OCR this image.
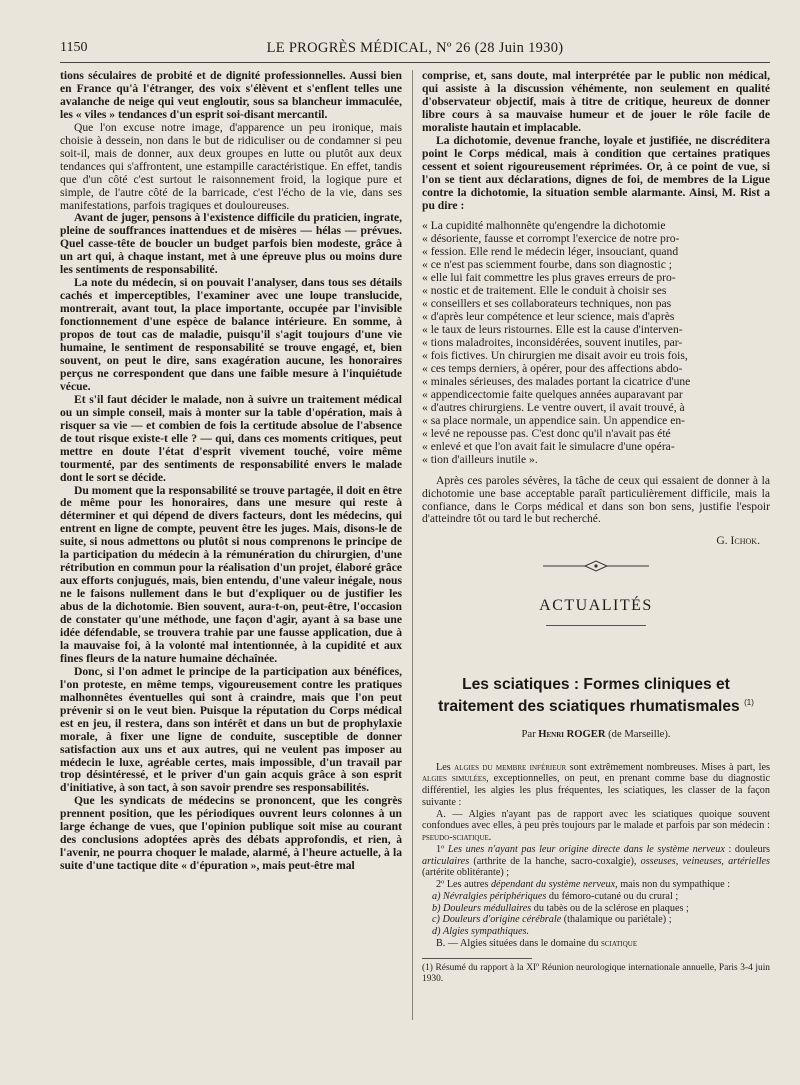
1150	LE PROGRÈS MÉDICAL, Nº 26 (28 Juin 1930)

tions séculaires de probité et de dignité professionnelles. Aussi bien en France qu'à l'étranger, des voix s'élèvent et s'enflent telles une avalanche de neige qui veut engloutir, sous sa blancheur immaculée, les « viles » tendances d'un esprit soi-disant mercantil.

Que l'on excuse notre image, d'apparence un peu ironique, mais choisie à dessein, non dans le but de ridiculiser ou de condamner si peu soit-il, mais de donner, aux deux groupes en lutte ou plutôt aux deux tendances qui s'affrontent, une estampille caractéristique. En effet, tandis que d'un côté c'est surtout le raisonnement froid, la logique pure et simple, de l'autre côté de la barricade, c'est l'écho de la vie, dans ses manifestations, parfois tragiques et douloureuses.

Avant de juger, pensons à l'existence difficile du praticien, ingrate, pleine de souffrances inattendues et de misères — hélas — prévues. Quel casse-tête de boucler un budget parfois bien modeste, grâce à un art qui, à chaque instant, met à une épreuve plus ou moins dure les sentiments de responsabilité.

La note du médecin, si on pouvait l'analyser, dans tous ses détails cachés et imperceptibles, l'examiner avec une loupe translucide, montrerait, avant tout, la place importante, occupée par l'invisible fonctionnement d'une espèce de balance intérieure. En somme, à propos de tout cas de maladie, puisqu'il s'agit toujours d'une vie humaine, le sentiment de responsabilité se trouve engagé, et, bien souvent, on peut le dire, sans exagération aucune, les honoraires perçus ne correspondent que dans une faible mesure à l'inquiétude vécue.

Et s'il faut décider le malade, non à suivre un traitement médical ou un simple conseil, mais à monter sur la table d'opération, mais à risquer sa vie — et combien de fois la certitude absolue de l'absence de tout risque existe-t elle ? — qui, dans ces moments critiques, peut mettre en doute l'état d'esprit vivement touché, voire même tourmenté, par des sentiments de responsabilité envers le malade dont le sort se décide.

Du moment que la responsabilité se trouve partagée, il doit en être de même pour les honoraires, dans une mesure qui reste à déterminer et qui dépend de divers facteurs, dont les médecins, qui entrent en ligne de compte, peuvent être les juges. Mais, disons-le de suite, si nous admettons ou plutôt si nous comprenons le principe de la participation du médecin à la rémunération du chirurgien, d'une rétribution en commun pour la réalisation d'un projet, élaboré grâce aux efforts conjugués, mais, bien entendu, d'une valeur inégale, nous ne le faisons nullement dans le but d'expliquer ou de justifier les abus de la dichotomie. Bien souvent, aura-t-on, peut-être, l'occasion de constater qu'une méthode, une façon d'agir, ayant à sa base une idée défendable, se trouvera trahie par une fausse application, due à la mauvaise foi, à la volonté mal intentionnée, à la cupidité et aux fines fleurs de la nature humaine déchaînée.

Donc, si l'on admet le principe de la participation aux bénéfices, l'on proteste, en même temps, vigoureusement contre les pratiques malhonnêtes éventuelles qui sont à craindre, mais que l'on peut prévenir si on le veut bien. Puisque la réputation du Corps médical est en jeu, il restera, dans son intérêt et dans un but de prophylaxie morale, à fixer une ligne de conduite, susceptible de donner satisfaction aux uns et aux autres, qui ne veulent pas imposer au médecin le luxe, agréable certes, mais impossible, d'un travail par trop désintéressé, et le priver d'un gain acquis grâce à son esprit d'initiative, à son tact, à son savoir prendre ses responsabilités.

Que les syndicats de médecins se prononcent, que les congrès prennent position, que les périodiques ouvrent leurs colonnes à un large échange de vues, que l'opinion publique soit mise au courant des conclusions adoptées après des débats approfondis, et rien, à l'avenir, ne pourra choquer le malade, alarmé, à l'heure actuelle, à la suite d'une tactique dite « d'épuration », mais peut-être mal

comprise, et, sans doute, mal interprétée par le public non médical, qui assiste à la discussion véhémente, non seulement en qualité d'observateur objectif, mais à titre de critique, heureux de donner libre cours à sa mauvaise humeur et de jouer le rôle facile de moraliste hautain et implacable.

La dichotomie, devenue franche, loyale et justifiée, ne discréditera point le Corps médical, mais à condition que certaines pratiques cessent et soient rigoureusement réprimées. Or, à ce point de vue, si l'on se tient aux déclarations, dignes de foi, de membres de la Ligue contre la dichotomie, la situation semble alarmante. Ainsi, M. Rist a pu dire :

« La cupidité malhonnête qu'engendre la dichotomie
« désoriente, fausse et corrompt l'exercice de notre pro-
« fession. Elle rend le médecin léger, insouciant, quand
« ce n'est pas sciemment fourbe, dans son diagnostic ;
« elle lui fait commettre les plus graves erreurs de pro-
« nostic et de traitement. Elle le conduit à choisir ses
« conseillers et ses collaborateurs techniques, non pas
« d'après leur compétence et leur science, mais d'après
« le taux de leurs ristournes. Elle est la cause d'interven-
« tions maladroites, inconsidérées, souvent inutiles, par-
« fois fictives. Un chirurgien me disait avoir eu trois fois,
« ces temps derniers, à opérer, pour des affections abdo-
« minales sérieuses, des malades portant la cicatrice d'une
« appendicectomie faite quelques années auparavant par
« d'autres chirurgiens. Le ventre ouvert, il avait trouvé, à
« sa place normale, un appendice sain. Un appendice en-
« levé ne repousse pas. C'est donc qu'il n'avait pas été
« enlevé et que l'on avait fait le simulacre d'une opéra-
« tion d'ailleurs inutile ».

Après ces paroles sévères, la tâche de ceux qui essaient de donner à la dichotomie une base acceptable paraît particulièrement difficile, mais la confiance, dans le Corps médical et dans son bon sens, justifie l'espoir d'atteindre tôt ou tard le but recherché.

G. Ichok.

ACTUALITÉS
Les sciatiques : Formes cliniques et
traitement des sciatiques rhumatismales $^{(1)}$
Par Henri ROGER (de Marseille).

Les algies du membre inférieur sont extrêmement nombreuses. Mises à part, les algies simulées, exceptionnelles, on peut, en prenant comme base du diagnostic différentiel, les algies les plus fréquentes, les sciatiques, les classer de la façon suivante :

A. — Algies n'ayant pas de rapport avec les sciatiques quoique souvent confondues avec elles, à peu près toujours par le malade et parfois par son médecin : pseudo-sciatique.

1º Les unes n'ayant pas leur origine directe dans le système nerveux : douleurs articulaires (arthrite de la hanche, sacro-coxalgie), osseuses, veineuses, artérielles (artérite oblitérante) ;

2º Les autres dépendant du système nerveux, mais non du sympathique :

a) Névralgies périphériques du fémoro-cutané ou du crural ;

b) Douleurs médullaires du tabès ou de la sclérose en plaques ;

c) Douleurs d'origine cérébrale (thalamique ou pariétale) ;

d) Algies sympathiques.

B. — Algies situées dans le domaine du sciatique

(1) Résumé du rapport à la XIº Réunion neurologique internationale annuelle, Paris 3-4 juin 1930.
